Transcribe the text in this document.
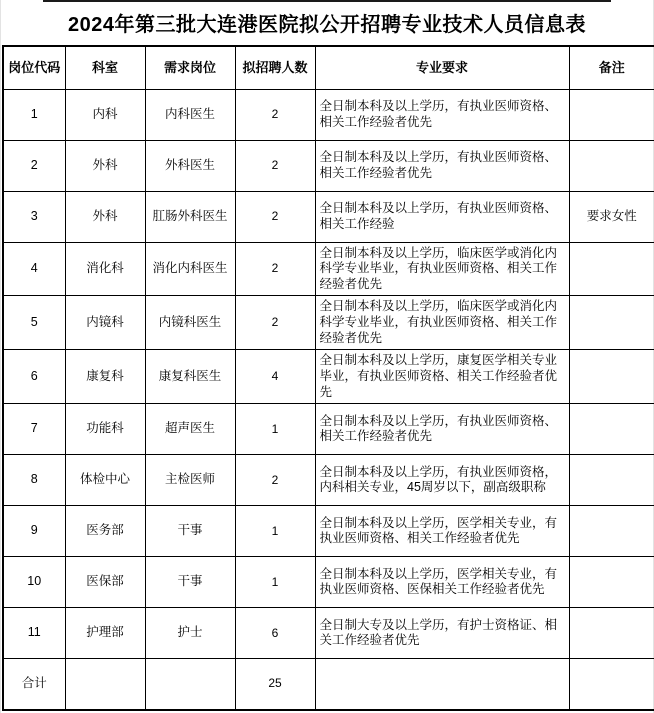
2024年第三批大连港医院拟公开招聘专业技术人员信息表
岗位代码	科室	需求岗位	拟招聘人数	专业要求	备注
1	内科	内科医生	2	全日制本科及以上学历，有执业医师资格、相关工作经验者优先	
2	外科	外科医生	2	全日制本科及以上学历，有执业医师资格、相关工作经验者优先	
3	外科	肛肠外科医生	2	全日制本科及以上学历，有执业医师资格、相关工作经验	要求女性
4	消化科	消化内科医生	2	全日制本科及以上学历，临床医学或消化内科学专业毕业，有执业医师资格、相关工作经验者优先	
5	内镜科	内镜科医生	2	全日制本科及以上学历，临床医学或消化内科学专业毕业，有执业医师资格、相关工作经验者优先	
6	康复科	康复科医生	4	全日制本科及以上学历，康复医学相关专业毕业，有执业医师资格、相关工作经验者优先	
7	功能科	超声医生	1	全日制本科及以上学历，有执业医师资格、相关工作经验者优先	
8	体检中心	主检医师	2	全日制本科及以上学历，有执业医师资格，内科相关专业，45周岁以下，副高级职称	
9	医务部	干事	1	全日制本科及以上学历，医学相关专业，有执业医师资格、相关工作经验者优先	
10	医保部	干事	1	全日制本科及以上学历，医学相关专业，有执业医师资格、医保相关工作经验者优先	
11	护理部	护士	6	全日制大专及以上学历，有护士资格证、相关工作经验者优先	
合计			25		
